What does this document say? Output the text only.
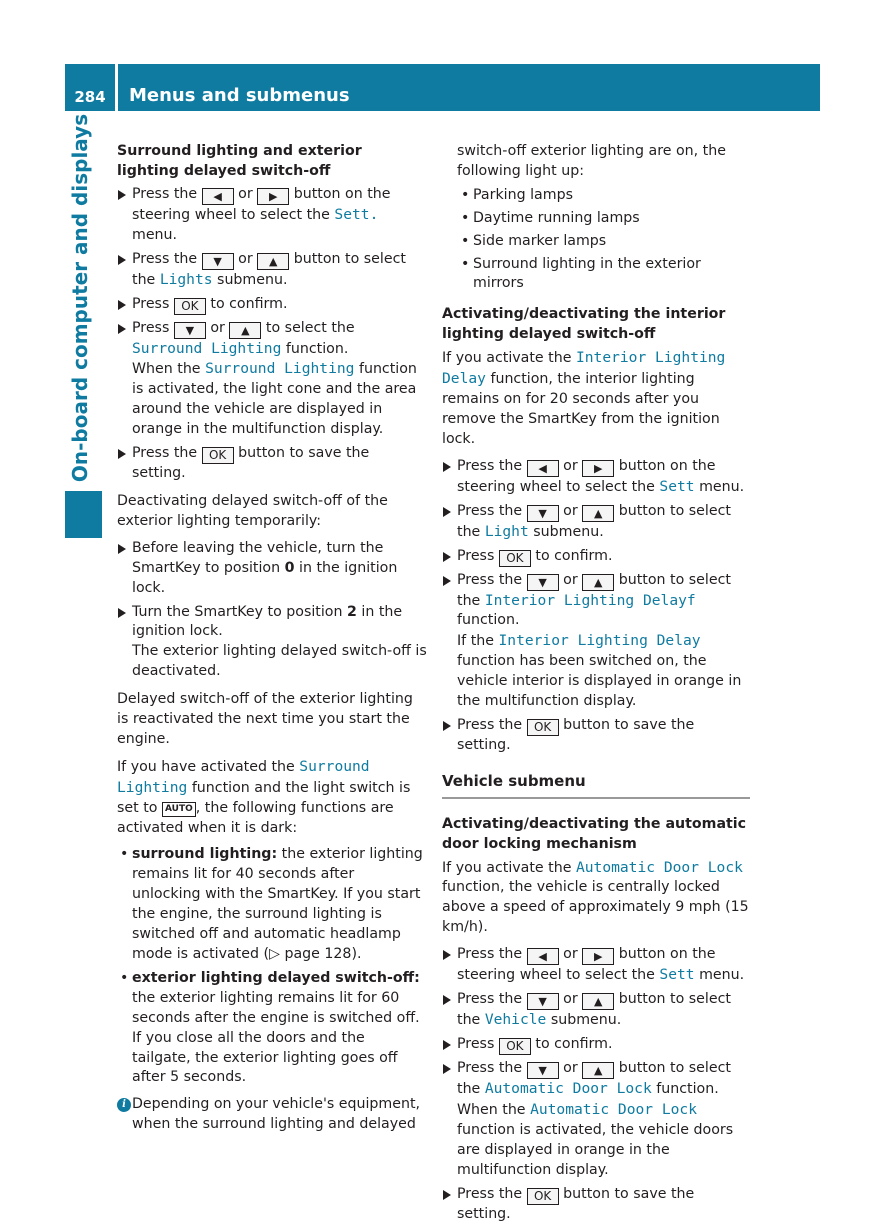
284	Menus and submenus
On-board computer and displays	Surround lighting and exterior lighting delayed switch-off
Press the ◀ or ▶ button on the steering wheel to select the Sett. menu.
Press the ▼ or ▲ button to select the Lights submenu.
Press OK to confirm.
Press ▼ or ▲ to select the Surround Lighting function.
When the Surround Lighting function is activated, the light cone and the area around the vehicle are displayed in orange in the multifunction display.
Press the OK button to save the setting.

Deactivating delayed switch-off of the exterior lighting temporarily:

Before leaving the vehicle, turn the SmartKey to position 0 in the ignition lock.
Turn the SmartKey to position 2 in the ignition lock.
The exterior lighting delayed switch-off is deactivated.

Delayed switch-off of the exterior lighting is reactivated the next time you start the engine.

If you have activated the Surround Lighting function and the light switch is set to AUTO , the following functions are activated when it is dark:

• surround lighting: the exterior lighting remains lit for 40 seconds after unlocking with the SmartKey. If you start the engine, the surround lighting is switched off and automatic headlamp mode is activated (▷ page 128).
• exterior lighting delayed switch-off: the exterior lighting remains lit for 60 seconds after the engine is switched off. If you close all the doors and the tailgate, the exterior lighting goes off after 5 seconds.
i Depending on your vehicle's equipment, when the surround lighting and delayed

switch-off exterior lighting are on, the following light up:

• Parking lamps
• Daytime running lamps
• Side marker lamps
• Surround lighting in the exterior mirrors
Activating/deactivating the interior lighting delayed switch-off

If you activate the Interior Lighting Delay function, the interior lighting remains on for 20 seconds after you remove the SmartKey from the ignition lock.

Press the ◀ or ▶ button on the steering wheel to select the Sett menu.
Press the ▼ or ▲ button to select the Light submenu.
Press OK to confirm.
Press the ▼ or ▲ button to select the Interior Lighting Delayf function.
If the Interior Lighting Delay function has been switched on, the vehicle interior is displayed in orange in the multifunction display.
Press the OK button to save the setting.
Vehicle submenu
Activating/deactivating the automatic door locking mechanism

If you activate the Automatic Door Lock function, the vehicle is centrally locked above a speed of approximately 9 mph (15 km/h).

Press the ◀ or ▶ button on the steering wheel to select the Sett menu.
Press the ▼ or ▲ button to select the Vehicle submenu.
Press OK to confirm.
Press the ▼ or ▲ button to select the Automatic Door Lock function.
When the Automatic Door Lock function is activated, the vehicle doors are displayed in orange in the multifunction display.
Press the OK button to save the setting.
